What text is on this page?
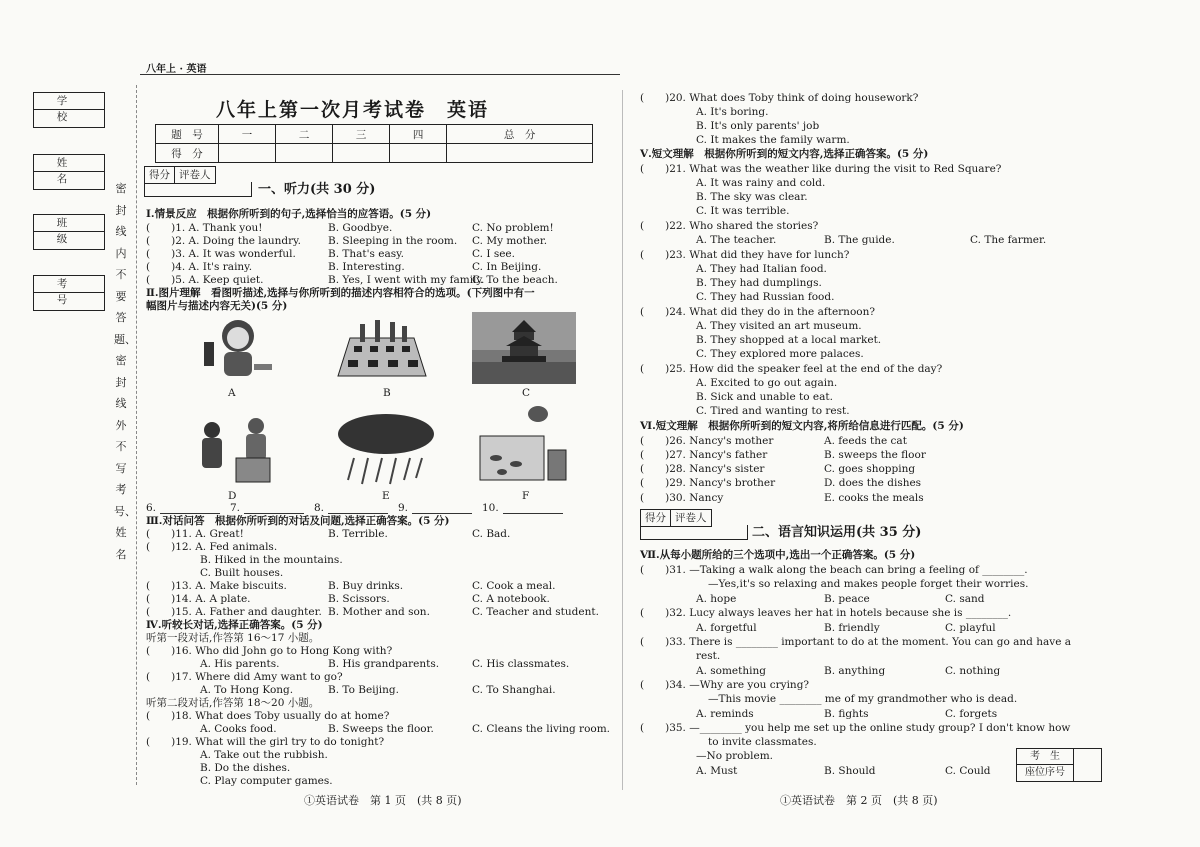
八年上 · 英语
学　校
姓　名
班　级
考　号
密封线内不要答题、密封线外不写考号、姓名
八年上第一次月考试卷　英语
题　号	一	二	三	四	总　分
得　分					
得分 评卷人
一、听力(共 30 分)
Ⅰ.情景反应　根据你所听到的句子,选择恰当的应答语。(5 分)
(　　)1. A. Thank you!	B. Goodbye.	C. No problem!
(　　)2. A. Doing the laundry.	B. Sleeping in the room. C. My mother.
(　　)3. A. It was wonderful.	B. That's easy.	C. I see.
(　　)4. A. It's rainy.	B. Interesting.	C. In Beijing.
(　　)5. A. Keep quiet.	B. Yes, I went with my family.
C. To the beach.
Ⅱ.图片理解　看图听描述,选择与你所听到的描述内容相符合的选项。(下列图中有一
幅图片与描述内容无关)(5 分)
A	B	C
D	E	F
6.	7.	8.	9.	10.
Ⅲ.对话问答　根据你所听到的对话及问题,选择正确答案。(5 分)
(　　)11. A. Great!	B. Terrible.	C. Bad.
(　　)12. A. Fed animals.
B. Hiked in the mountains.
C. Built houses.
(　　)13. A. Make biscuits.	B. Buy drinks.	C. Cook a meal.
(　　)14. A. A plate.	B. Scissors.	C. A notebook.
(　　)15. A. Father and daughter. B. Mother and son.	C. Teacher and student.
Ⅳ.听较长对话,选择正确答案。(5 分)
听第一段对话,作答第 16～17 小题。
(　　)16. Who did John go to Hong Kong with?
A. His parents.	B. His grandparents.	C. His classmates.
(　　)17. Where did Amy want to go?
A. To Hong Kong.	B. To Beijing.	C. To Shanghai.
听第二段对话,作答第 18～20 小题。
(　　)18. What does Toby usually do at home?
A. Cooks food.	B. Sweeps the floor.	C. Cleans the living room.
(　　)19. What will the girl try to do tonight?
A. Take out the rubbish.
B. Do the dishes.
C. Play computer games.
①英语试卷　第 1 页　(共 8 页)
(　　)20. What does Toby think of doing housework?
A. It's boring.
B. It's only parents' job
C. It makes the family warm.
Ⅴ.短文理解　根据你所听到的短文内容,选择正确答案。(5 分)
(　　)21. What was the weather like during the visit to Red Square?
A. It was rainy and cold.
B. The sky was clear.
C. It was terrible.
(　　)22. Who shared the stories?
A. The teacher.	B. The guide.	C. The farmer.
(　　)23. What did they have for lunch?
A. They had Italian food.
B. They had dumplings.
C. They had Russian food.
(　　)24. What did they do in the afternoon?
A. They visited an art museum.
B. They shopped at a local market.
C. They explored more palaces.
(　　)25. How did the speaker feel at the end of the day?
A. Excited to go out again.
B. Sick and unable to eat.
C. Tired and wanting to rest.
Ⅵ.短文理解　根据你所听到的短文内容,将所给信息进行匹配。(5 分)
(　　)26. Nancy's mother	A. feeds the cat
(　　)27. Nancy's father	B. sweeps the floor
(　　)28. Nancy's sister	C. goes shopping
(　　)29. Nancy's brother	D. does the dishes
(　　)30. Nancy	E. cooks the meals
得分 评卷人
二、语言知识运用(共 35 分)
Ⅶ.从每小题所给的三个选项中,选出一个正确答案。(5 分)
(　　)31. —Taking a walk along the beach can bring a feeling of ________.
—Yes,it's so relaxing and makes people forget their worries.
A. hope	B. peace	C. sand
(　　)32. Lucy always leaves her hat in hotels because she is ________.
A. forgetful	B. friendly	C. playful
(　　)33. There is ________ important to do at the moment. You can go and have a
rest.
A. something	B. anything	C. nothing
(　　)34. —Why are you crying?
—This movie ________ me of my grandmother who is dead.
A. reminds	B. fights	C. forgets
(　　)35. —________ you help me set up the online study group? I don't know how
to invite classmates.
—No problem.
A. Must	B. Should	C. Could
考　生
座位序号
①英语试卷　第 2 页　(共 8 页)
